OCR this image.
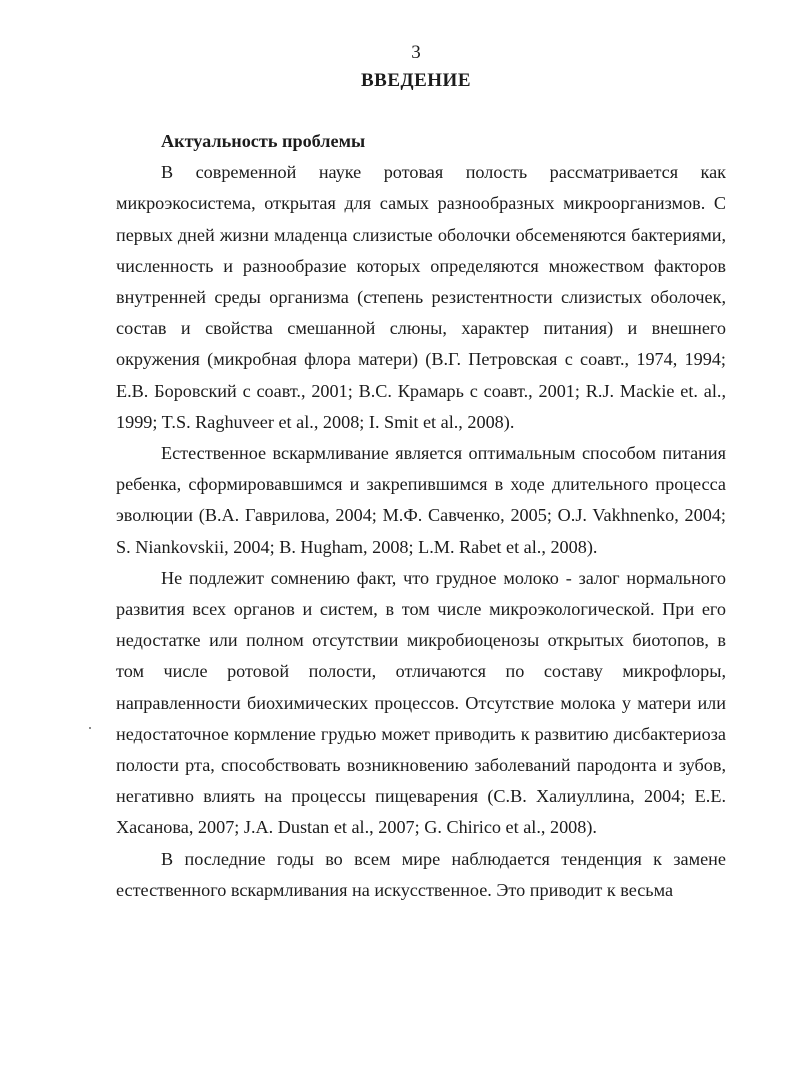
3
ВВЕДЕНИЕ

Актуальность проблемы

В современной науке ротовая полость рассматривается как микроэкосистема, открытая для самых разнообразных микроорганизмов. С первых дней жизни младенца слизистые оболочки обсеменяются бактериями, численность и разнообразие которых определяются множеством факторов внутренней среды организма (степень резистентности слизистых оболочек, состав и свойства смешанной слюны, характер питания) и внешнего окружения (микробная флора матери) (В.Г. Петровская с соавт., 1974, 1994; Е.В. Боровский с соавт., 2001; В.С. Крамарь с соавт., 2001; R.J. Mackie et. al., 1999; T.S. Raghuveer et al., 2008; I. Smit et al., 2008).

Естественное вскармливание является оптимальным способом питания ребенка, сформировавшимся и закрепившимся в ходе длительного процесса эволюции (В.А. Гаврилова, 2004; М.Ф. Савченко, 2005; O.J. Vakhnenko, 2004; S. Niankovskii, 2004; B. Hugham, 2008; L.M. Rabet et al., 2008).

Не подлежит сомнению факт, что грудное молоко - залог нормального развития всех органов и систем, в том числе микроэкологической. При его недостатке или полном отсутствии микробиоценозы открытых биотопов, в том числе ротовой полости, отличаются по составу микрофлоры, направленности биохимических процессов. Отсутствие молока у матери или недостаточное кормление грудью может приводить к развитию дисбактериоза полости рта, способствовать возникновению заболеваний пародонта и зубов, негативно влиять на процессы пищеварения (С.В. Халиуллина, 2004; Е.Е. Хасанова, 2007; J.A. Dustan et al., 2007; G. Chirico et al., 2008).

В последние годы во всем мире наблюдается тенденция к замене естественного вскармливания на искусственное. Это приводит к весьма
